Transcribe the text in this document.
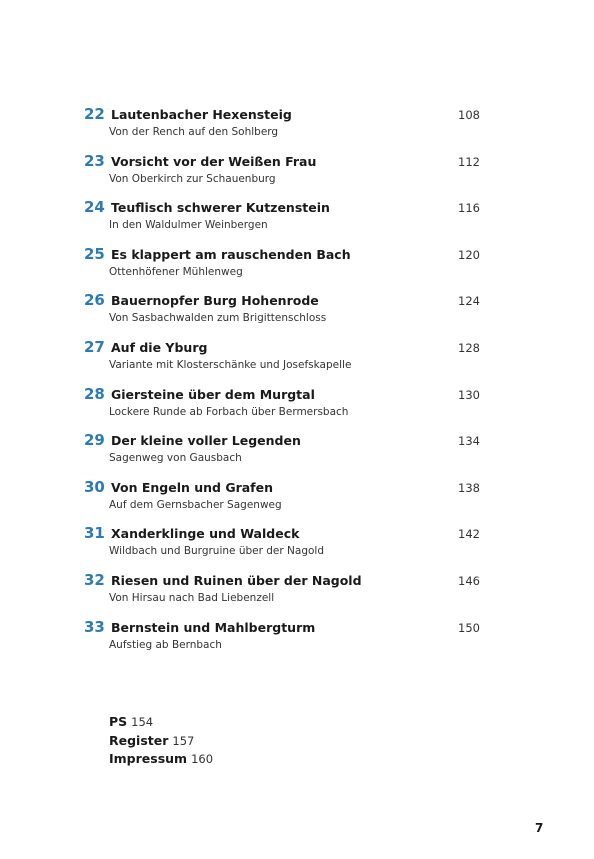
22 Lautenbacher Hexensteig
Von der Rench auf den Sohlberg
108
23 Vorsicht vor der Weißen Frau
Von Oberkirch zur Schauenburg
112
24 Teuflisch schwerer Kutzenstein
In den Waldulmer Weinbergen
116
25 Es klappert am rauschenden Bach
Ottenhöfener Mühlenweg
120
26 Bauernopfer Burg Hohenrode
Von Sasbachwalden zum Brigittenschloss
124
27 Auf die Yburg
Variante mit Klosterschänke und Josefskapelle
128
28 Giersteine über dem Murgtal
Lockere Runde ab Forbach über Bermersbach
130
29 Der kleine voller Legenden
Sagenweg von Gausbach
134
30 Von Engeln und Grafen
Auf dem Gernsbacher Sagenweg
138
31 Xanderklinge und Waldeck
Wildbach und Burgruine über der Nagold
142
32 Riesen und Ruinen über der Nagold
Von Hirsau nach Bad Liebenzell
146
33 Bernstein und Mahlbergturm
Aufstieg ab Bernbach
150
PS 154
Register 157
Impressum 160
7
